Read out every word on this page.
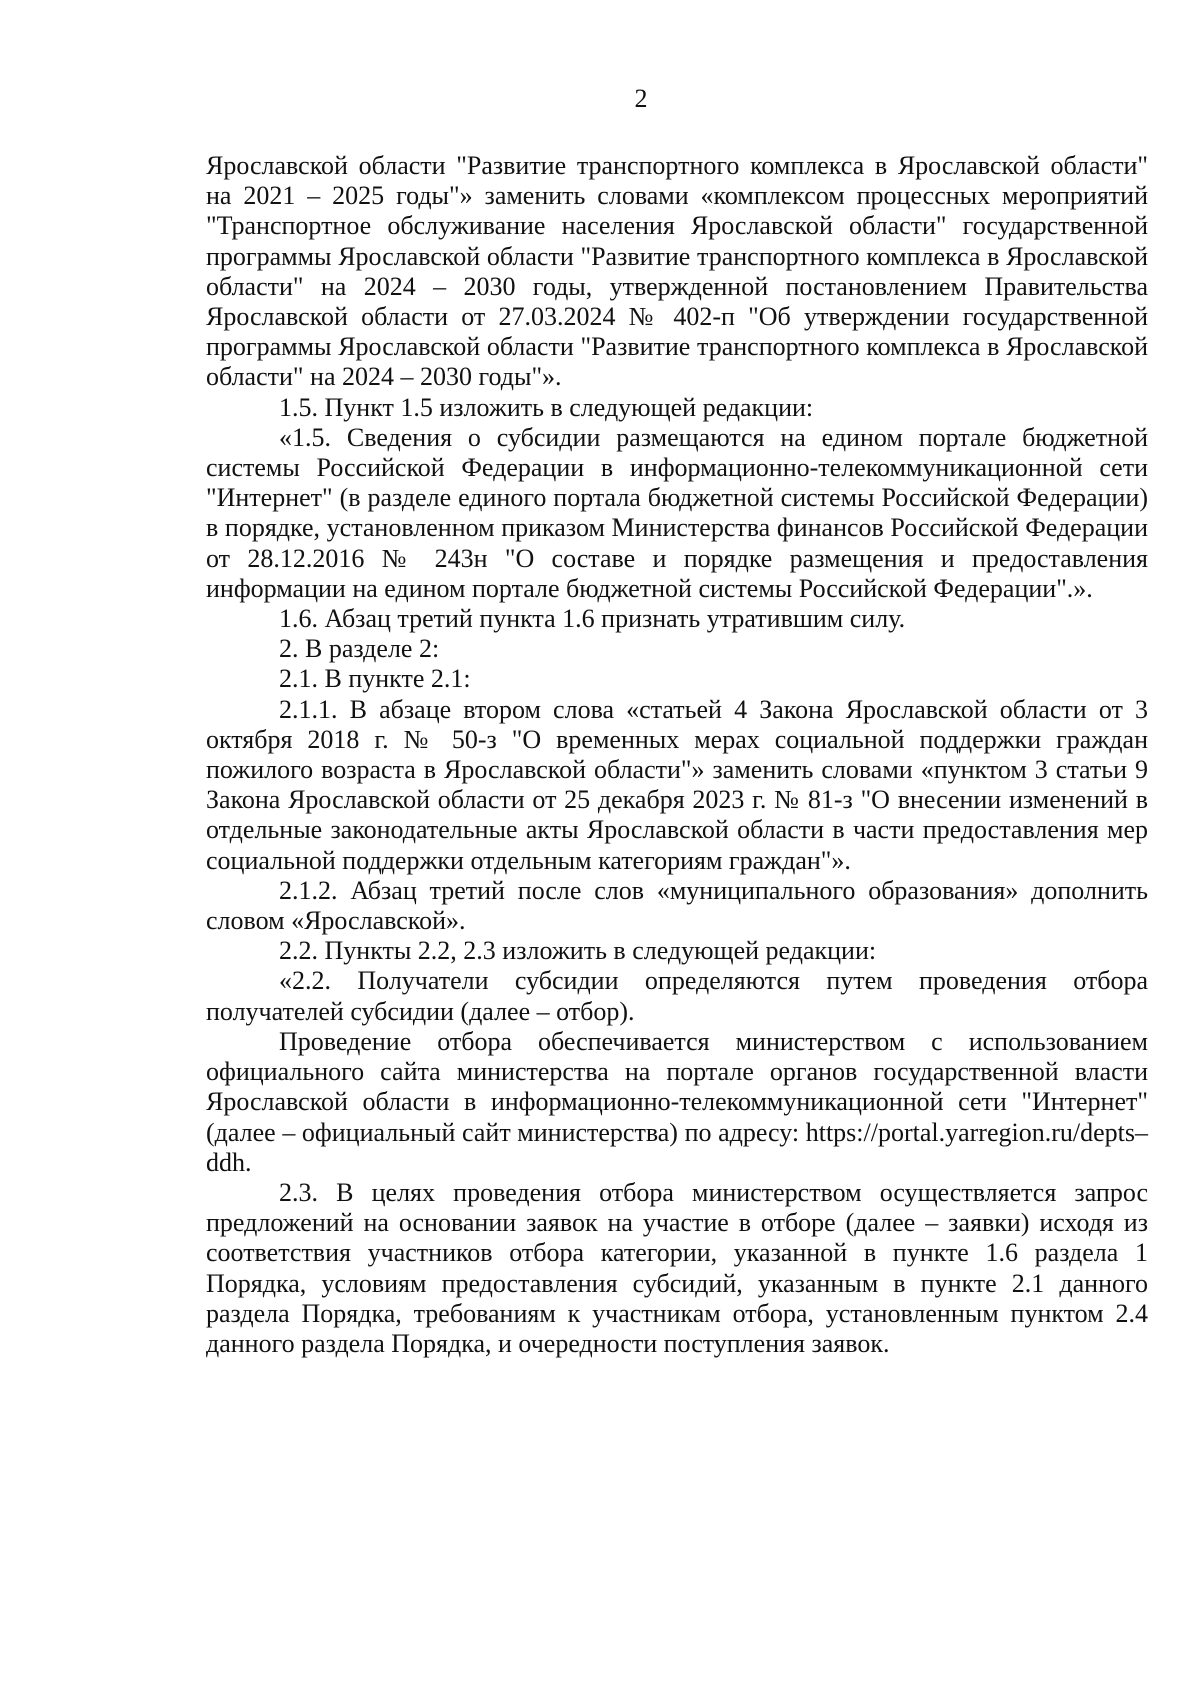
2

Ярославской области "Развитие транспортного комплекса в Ярославской области" на 2021 – 2025 годы"» заменить словами «комплексом процессных мероприятий "Транспортное обслуживание населения Ярославской области" государственной программы Ярославской области "Развитие транспортного комплекса в Ярославской области" на 2024 – 2030 годы, утвержденной постановлением Правительства Ярославской области от 27.03.2024 № 402-п "Об утверждении государственной программы Ярославской области "Развитие транспортного комплекса в Ярославской области" на 2024 – 2030 годы"».

1.5. Пункт 1.5 изложить в следующей редакции:

«1.5. Сведения о субсидии размещаются на едином портале бюджетной системы Российской Федерации в информационно-телекоммуникационной сети "Интернет" (в разделе единого портала бюджетной системы Российской Федерации) в порядке, установленном приказом Министерства финансов Российской Федерации от 28.12.2016 № 243н "О составе и порядке размещения и предоставления информации на едином портале бюджетной системы Российской Федерации".».

1.6. Абзац третий пункта 1.6 признать утратившим силу.

2. В разделе 2:

2.1. В пункте 2.1:

2.1.1. В абзаце втором слова «статьей 4 Закона Ярославской области от 3 октября 2018 г. № 50-з "О временных мерах социальной поддержки граждан пожилого возраста в Ярославской области"» заменить словами «пунктом 3 статьи 9 Закона Ярославской области от 25 декабря 2023 г. № 81-з "О внесении изменений в отдельные законодательные акты Ярославской области в части предоставления мер социальной поддержки отдельным категориям граждан"».

2.1.2. Абзац третий после слов «муниципального образования» дополнить словом «Ярославской».

2.2. Пункты 2.2, 2.3 изложить в следующей редакции:

«2.2. Получатели субсидии определяются путем проведения отбора получателей субсидии (далее – отбор).

Проведение отбора обеспечивается министерством с использованием официального сайта министерства на портале органов государственной власти Ярославской области в информационно-телекоммуникационной сети "Интернет" (далее – официальный сайт министерства) по адресу: https://portal.yarregion.ru/depts–ddh.

2.3. В целях проведения отбора министерством осуществляется запрос предложений на основании заявок на участие в отборе (далее – заявки) исходя из соответствия участников отбора категории, указанной в пункте 1.6 раздела 1 Порядка, условиям предоставления субсидий, указанным в пункте 2.1 данного раздела Порядка, требованиям к участникам отбора, установленным пунктом 2.4 данного раздела Порядка, и очередности поступления заявок.
